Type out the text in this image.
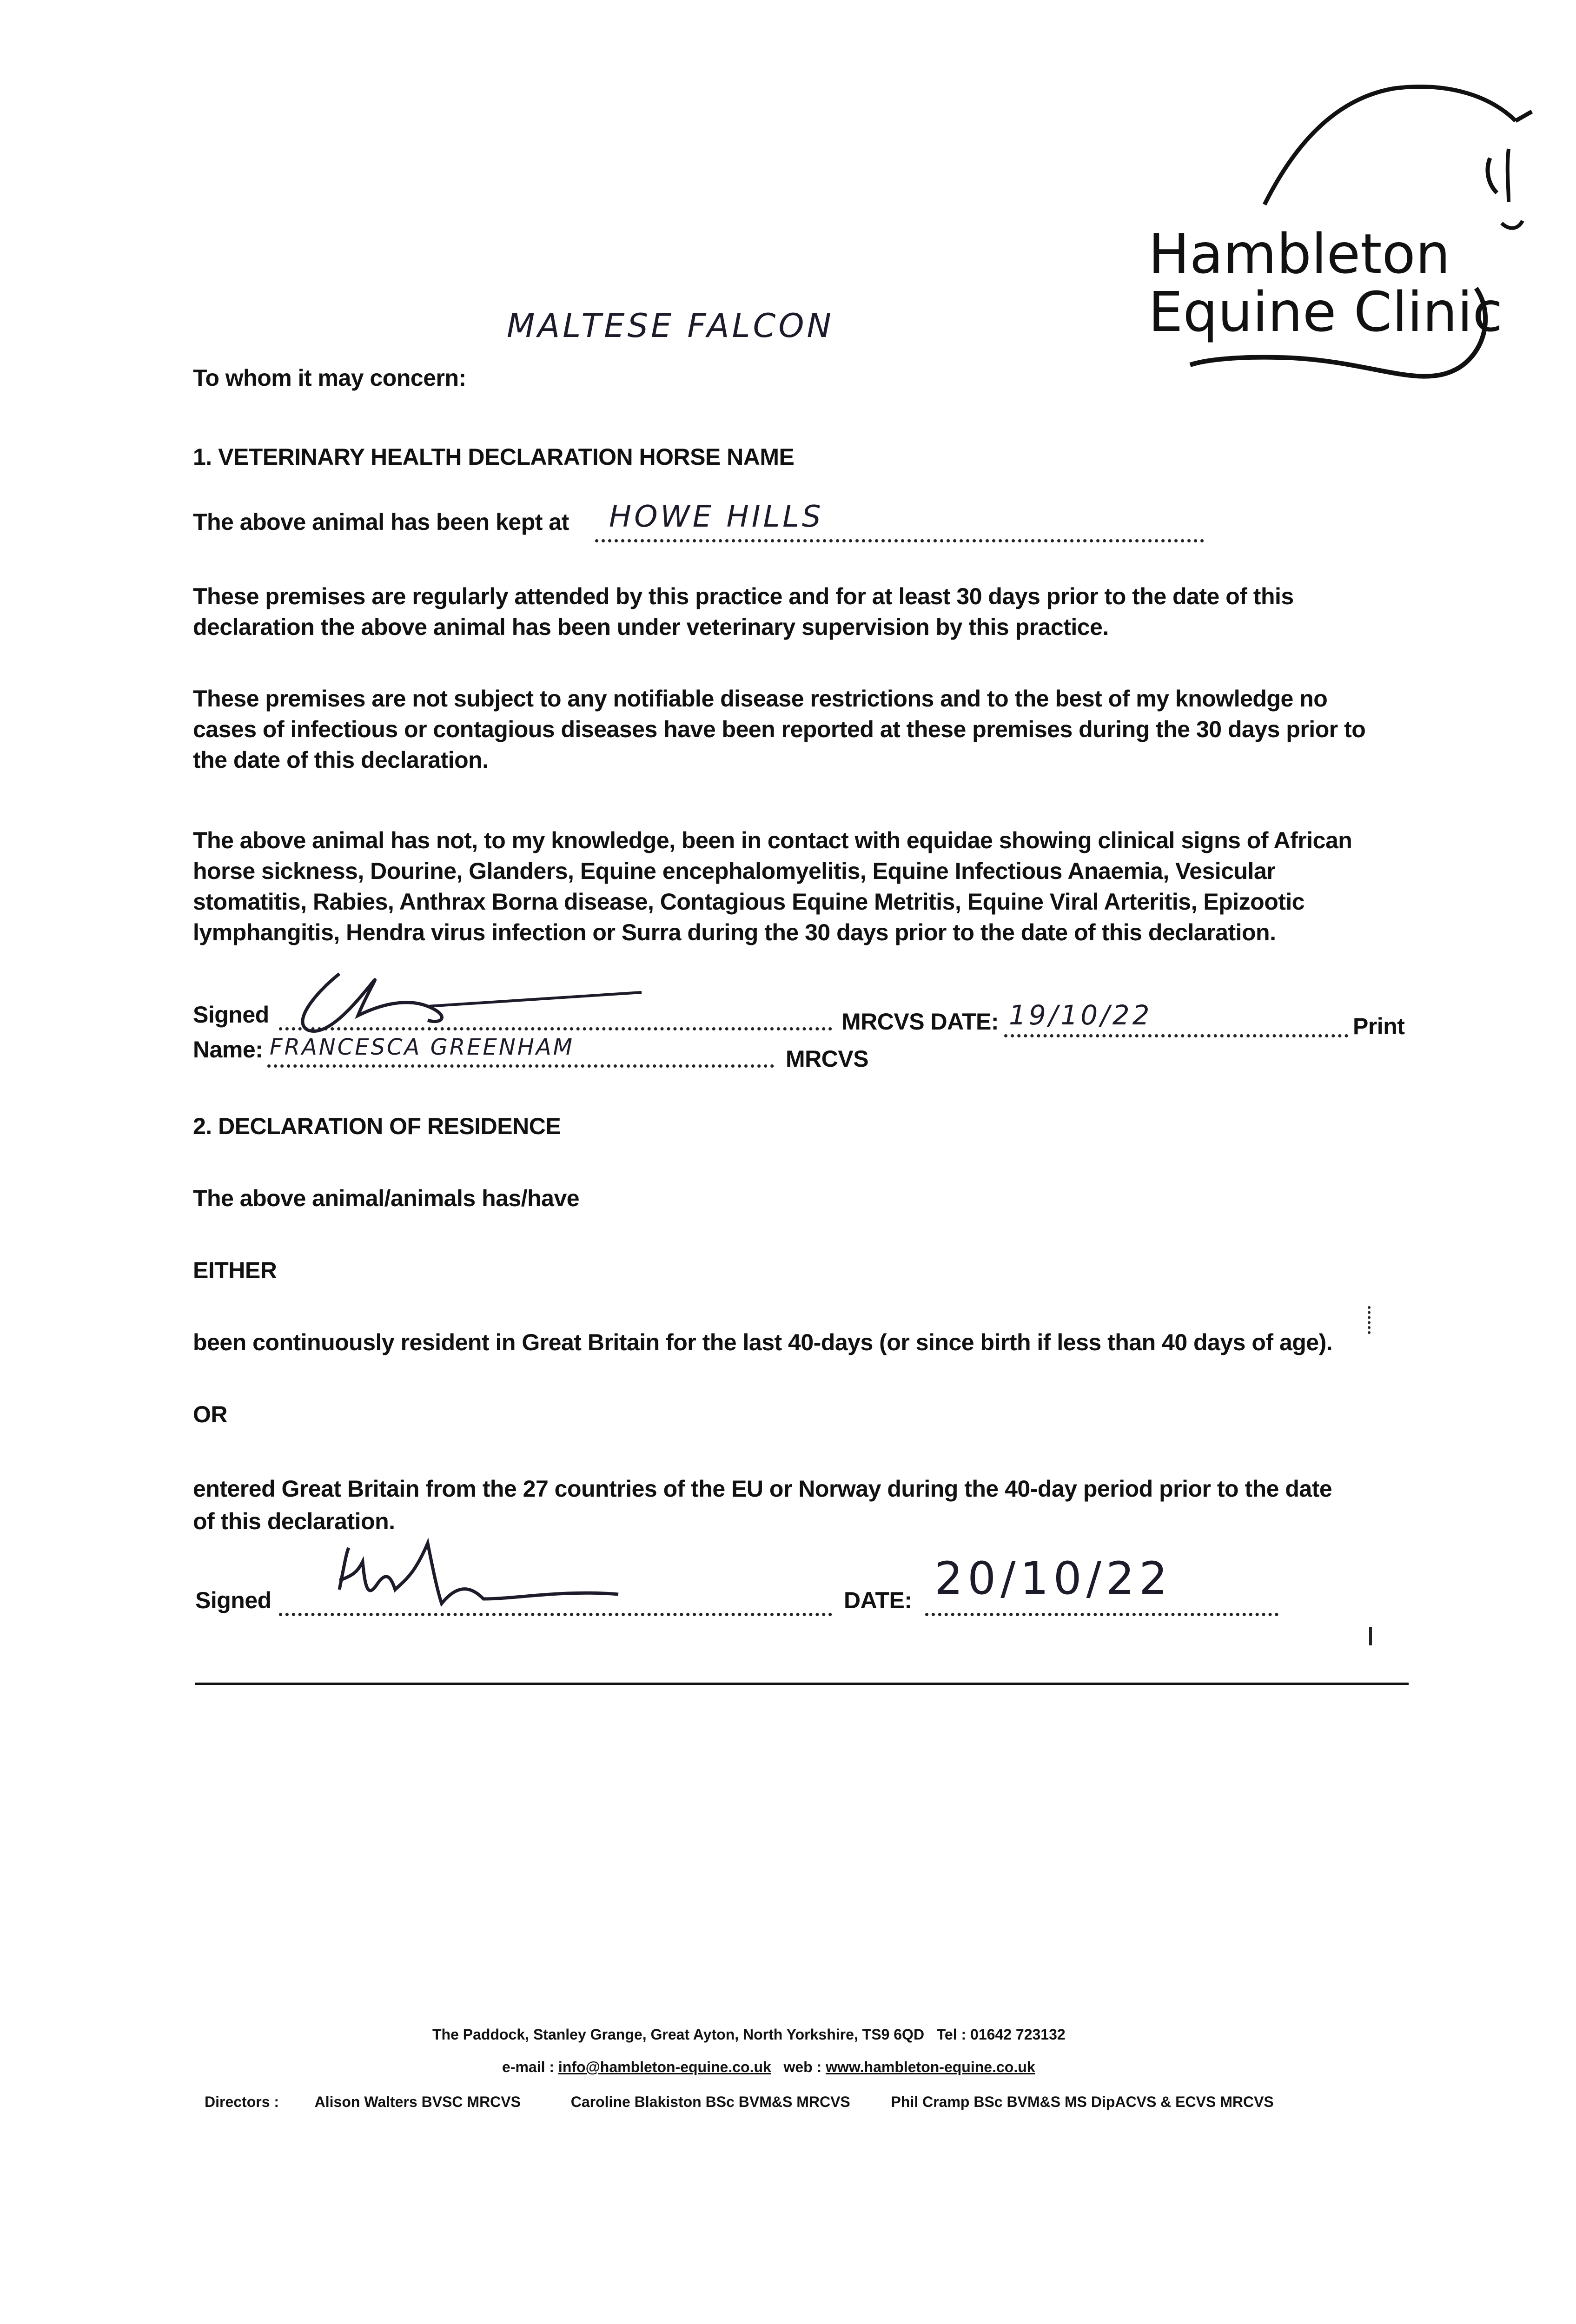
Hambleton
Equine Clinic
MALTESE FALCON
To whom it may concern:
1. VETERINARY HEALTH DECLARATION HORSE NAME
The above animal has been kept at HOWE HILLS
These premises are regularly attended by this practice and for at least 30 days prior to the date of this
declaration the above animal has been under veterinary supervision by this practice.
These premises are not subject to any notifiable disease restrictions and to the best of my knowledge no
cases of infectious or contagious diseases have been reported at these premises during the 30 days prior to
the date of this declaration.
The above animal has not, to my knowledge, been in contact with equidae showing clinical signs of African
horse sickness, Dourine, Glanders, Equine encephalomyelitis, Equine Infectious Anaemia, Vesicular
stomatitis, Rabies, Anthrax Borna disease, Contagious Equine Metritis, Equine Viral Arteritis, Epizootic
lymphangitis, Hendra virus infection or Surra during the 30 days prior to the date of this declaration.
Signed	MRCVS DATE: 19/10/22	Print
Name: FRANCESCA GREENHAM	MRCVS
2. DECLARATION OF RESIDENCE
The above animal/animals has/have
EITHER
been continuously resident in Great Britain for the last 40-days (or since birth if less than 40 days of age).
OR
entered Great Britain from the 27 countries of the EU or Norway during the 40-day period prior to the date
of this declaration.
Signed	DATE: 20/10/22
The Paddock, Stanley Grange, Great Ayton, North Yorkshire, TS9 6QD Tel : 01642 723132
e-mail : info@hambleton-equine.co.uk web : www.hambleton-equine.co.uk
Directors : Alison Walters BVSC MRCVS	Caroline Blakiston BSc BVM&S MRCVS	Phil Cramp BSc BVM&S MS DipACVS & ECVS MRCVS
